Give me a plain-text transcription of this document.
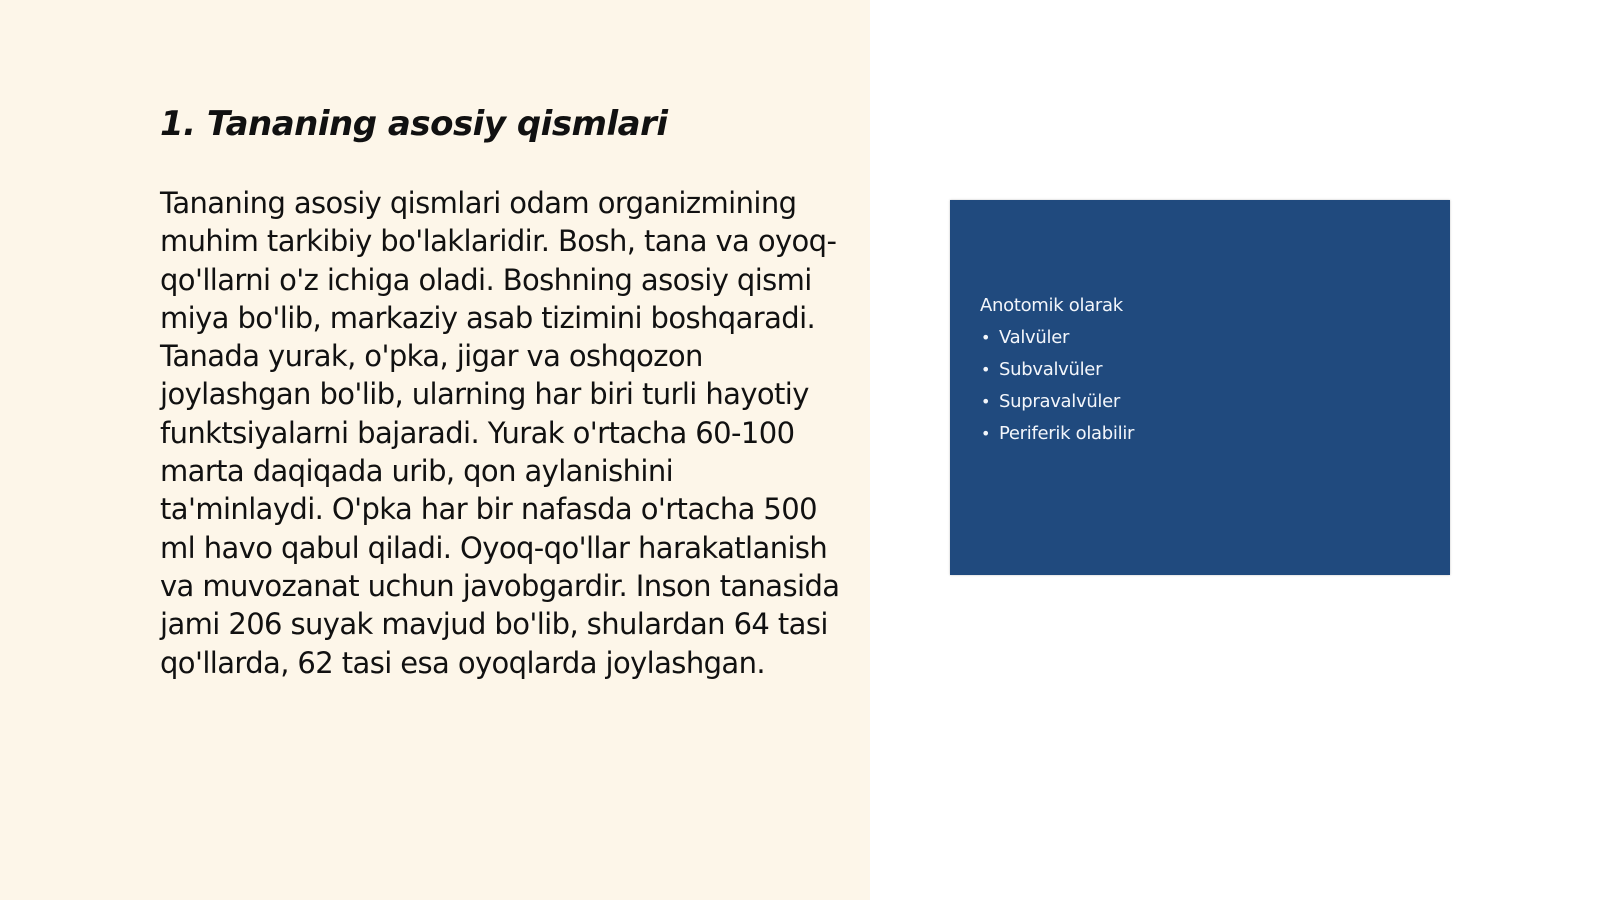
1. Tananing asosiy qismlari

Tananing asosiy qismlari odam organizmining muhim tarkibiy bo'laklaridir. Bosh, tana va oyoq-qo'llarni o'z ichiga oladi. Boshning asosiy qismi miya bo'lib, markaziy asab tizimini boshqaradi. Tanada yurak, o'pka, jigar va oshqozon joylashgan bo'lib, ularning har biri turli hayotiy funktsiyalarni bajaradi. Yurak o'rtacha 60-100 marta daqiqada urib, qon aylanishini ta'minlaydi. O'pka har bir nafasda o'rtacha 500 ml havo qabul qiladi. Oyoq-qo'llar harakatlanish va muvozanat uchun javobgardir. Inson tanasida jami 206 suyak mavjud bo'lib, shulardan 64 tasi qo'llarda, 62 tasi esa oyoqlarda joylashgan.

Anotomik olarak
• Valvüler
• Subvalvüler
• Supravalvüler
• Periferik olabilir
